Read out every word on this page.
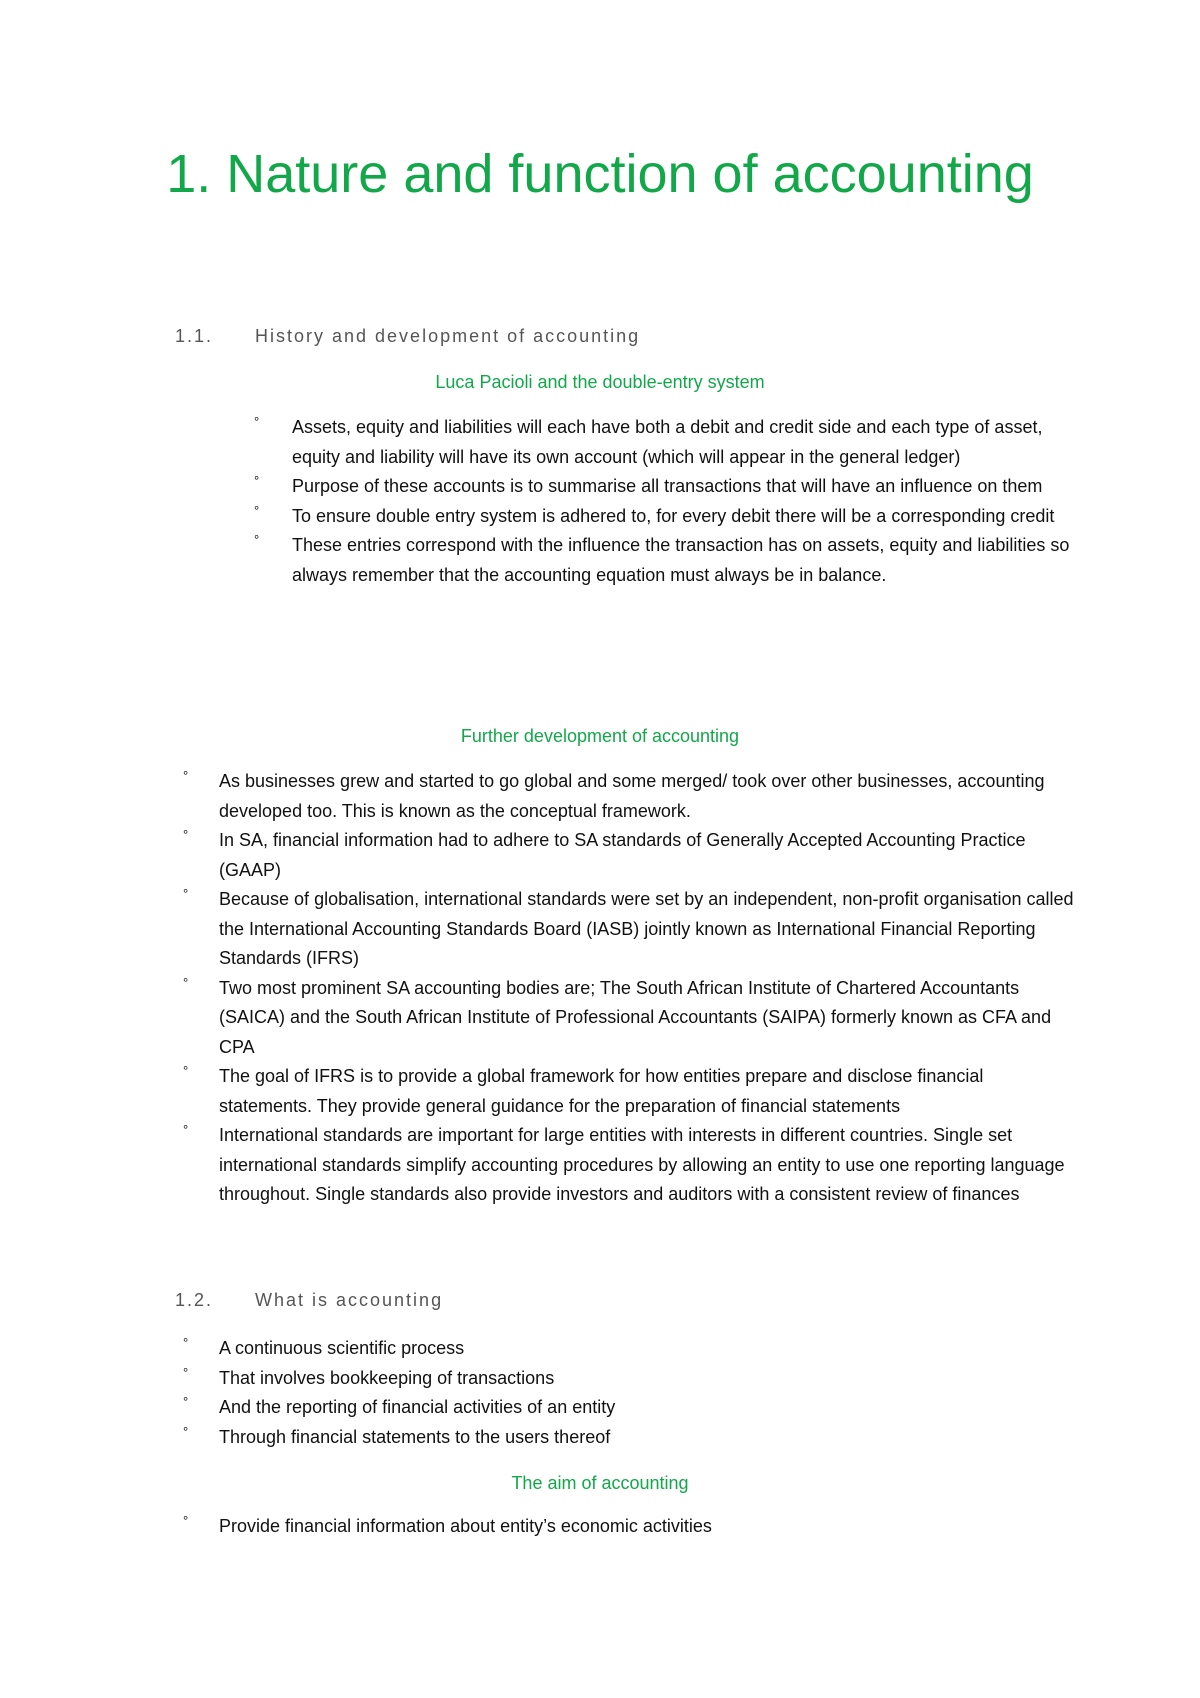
1. Nature and function of accounting
1.1. History and development of accounting
Luca Pacioli and the double-entry system
° Assets, equity and liabilities will each have both a debit and credit side and each type of asset, equity and liability will have its own account (which will appear in the general ledger)
° Purpose of these accounts is to summarise all transactions that will have an influence on them
° To ensure double entry system is adhered to, for every debit there will be a corresponding credit
° These entries correspond with the influence the transaction has on assets, equity and liabilities so always remember that the accounting equation must always be in balance.
Further development of accounting
° As businesses grew and started to go global and some merged/ took over other businesses, accounting developed too. This is known as the conceptual framework.
° In SA, financial information had to adhere to SA standards of Generally Accepted Accounting Practice (GAAP)
° Because of globalisation, international standards were set by an independent, non-profit organisation called the International Accounting Standards Board (IASB) jointly known as International Financial Reporting Standards (IFRS)
° Two most prominent SA accounting bodies are; The South African Institute of Chartered Accountants (SAICA) and the South African Institute of Professional Accountants (SAIPA) formerly known as CFA and CPA
° The goal of IFRS is to provide a global framework for how entities prepare and disclose financial statements. They provide general guidance for the preparation of financial statements
° International standards are important for large entities with interests in different countries. Single set international standards simplify accounting procedures by allowing an entity to use one reporting language throughout. Single standards also provide investors and auditors with a consistent review of finances
1.2. What is accounting
° A continuous scientific process
° That involves bookkeeping of transactions
° And the reporting of financial activities of an entity
° Through financial statements to the users thereof
The aim of accounting
° Provide financial information about entity’s economic activities
